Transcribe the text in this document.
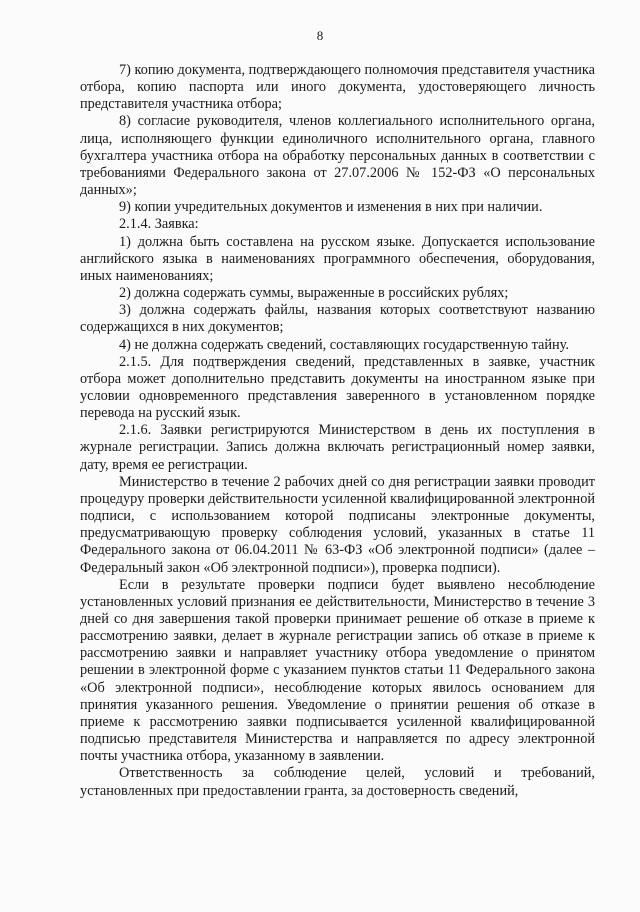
8

7) копию документа, подтверждающего полномочия представителя участника отбора, копию паспорта или иного документа, удостоверяющего личность представителя участника отбора;

8) согласие руководителя, членов коллегиального исполнительного органа, лица, исполняющего функции единоличного исполнительного органа, главного бухгалтера участника отбора на обработку персональных данных в соответствии с требованиями Федерального закона от 27.07.2006 № 152-ФЗ «О персональных данных»;

9) копии учредительных документов и изменения в них при наличии.

2.1.4. Заявка:

1) должна быть составлена на русском языке. Допускается использование английского языка в наименованиях программного обеспечения, оборудования, иных наименованиях;

2) должна содержать суммы, выраженные в российских рублях;

3) должна содержать файлы, названия которых соответствуют названию содержащихся в них документов;

4) не должна содержать сведений, составляющих государственную тайну.

2.1.5. Для подтверждения сведений, представленных в заявке, участник отбора может дополнительно представить документы на иностранном языке при условии одновременного представления заверенного в установленном порядке перевода на русский язык.

2.1.6. Заявки регистрируются Министерством в день их поступления в журнале регистрации. Запись должна включать регистрационный номер заявки, дату, время ее регистрации.

Министерство в течение 2 рабочих дней со дня регистрации заявки проводит процедуру проверки действительности усиленной квалифицированной электронной подписи, с использованием которой подписаны электронные документы, предусматривающую проверку соблюдения условий, указанных в статье 11 Федерального закона от 06.04.2011 № 63-ФЗ «Об электронной подписи» (далее – Федеральный закон «Об электронной подписи»), проверка подписи).

Если в результате проверки подписи будет выявлено несоблюдение установленных условий признания ее действительности, Министерство в течение 3 дней со дня завершения такой проверки принимает решение об отказе в приеме к рассмотрению заявки, делает в журнале регистрации запись об отказе в приеме к рассмотрению заявки и направляет участнику отбора уведомление о принятом решении в электронной форме с указанием пунктов статьи 11 Федерального закона «Об электронной подписи», несоблюдение которых явилось основанием для принятия указанного решения. Уведомление о принятии решения об отказе в приеме к рассмотрению заявки подписывается усиленной квалифицированной подписью представителя Министерства и направляется по адресу электронной почты участника отбора, указанному в заявлении.

Ответственность за соблюдение целей, условий и требований, установленных при предоставлении гранта, за достоверность сведений,
